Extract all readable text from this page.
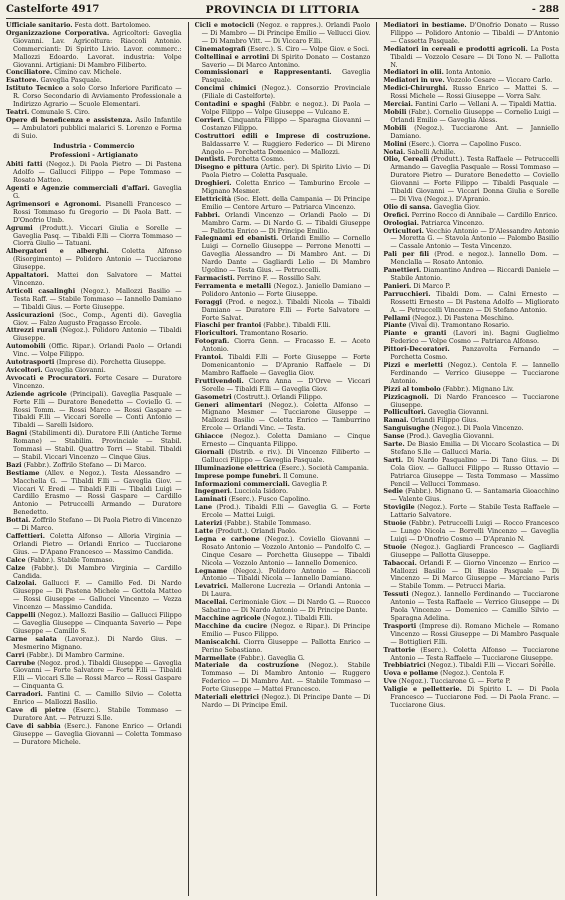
Castelforte 4917	PROVINCIA DI LITTORIA	- 288

Ufficiale sanitario. Festa dott. Bartolomeo.

Organizzazione Corporativa. Agricoltori: Gaveglia Giovanni. Lav. Agricoltura: Riaccoli Antonio. Commercianti: Di Spirito Livio. Lavor. commerc.: Mallozzi Edoardo. Lavorat. industria: Volpe Giovanni. Artigiani: Di Mambro Filiberto.

Conciliatore. Cimino cav. Michele.

Esattore. Gaveglia Pasquale.

Istituto Tecnico a solo Corso Inferiore Parificato — R. Corso Secondario di Avviamento Professionale a Indirizzo Agrario — Scuole Elementari.

Teatri. Comunale S. Ciro.

Opere di beneficenza e assistenza. Asilo Infantile — Ambulatori pubblici malarici S. Lorenzo e Forma di Suio.

Industria - Commercio

Professioni - Artigianato

Abiti fatti (Negoz.). Di Paola Pietro — Di Pastena Adolfo — Gallucci Filippo — Pepe Tommaso — Rosato Matteo.

Agenti e Agenzie commerciali d'affari. Gaveglia G.

Agrimensori e Agronomi. Pisanelli Francesco — Rossi Tommaso fu Gregorio — Di Paola Batt. — D'Onofrio Umb.

Agrumi (Produtt.). Viccari Giulia e Sorelle — Gaveglia Pasq. — Tibaldi F.lli — Ciorra Tommaso — Ciorra Giulio — Tatuani.

Albergatori e alberghi. Coletta Alfonso (Risorgimento) — Polidoro Antonio — Tucciarone Giuseppe.

Appaltatori. Mattei don Salvatore — Mattei Vincenzo.

Articoli casalinghi (Negoz.). Mallozzi Basilio — Testa Raff. — Stabile Tommaso — Iannello Damiano — Tibaldi Gius. — Forte Giuseppe.

Assicurazioni (Soc., Comp., Agenti di). Gaveglia Giov. — Falzo Augusto Fragasso Ercole.

Attrezzi rurali (Negoz.). Polidoro Antonio — Tibaldi Giuseppe.

Automobili (Offic. Ripar.). Orlandi Paolo — Orlandi Vinc. — Volpe Filippo.

Autotrasporti (Imprese di). Porchetta Giuseppe.

Avicoltori. Gaveglia Giovanni.

Avvocati e Procuratori. Forte Cesare — Duratore Vincenzo.

Aziende agricole (Principali). Gaveglia Pasquale — Forte F.lli — Duratore Benedetto — Coviello G. — Rossi Tomm. — Rossi Marco — Rossi Gaspare — Tibaldi F.lli — Viccari Sorelle — Conti Antonio — Tibaldi — Sarelli Isidoro.

Bagni (Stabilimenti di). Duratore F.lli (Antiche Terme Romane) — Stabilim. Provinciale — Stabil. Tommasi — Stabil. Quattro Torri — Stabil. Tibaldi — Stabil. Viccari Vincenzo — Cinque Gius.

Bazi (Fabbr.). Zoffrilo Stefano — Di Marco.

Bestiame (Allev. e Negoz.). Testa Alessandro — Macchella G. — Tibaldi F.lli — Gaveglia Giov. — Viccari V. Eredi — Tibaldi F.lli — Tibaldi Luigi — Cardillo Erasmo — Rossi Gaspare — Cardillo Antonio — Petruccelli Armando — Duratore Benedetto.

Bottai. Zoffrilo Stefano — Di Paola Pietro di Vincenzo — Di Marco.

Caffettieri. Coletta Alfonso — Alloria Virginia — Orlandi Pietro — Orlandi Enrico — Tucciarone Gius. — D'Apano Francesco — Massimo Candida.

Calce (Fabbr.). Stabile Tommaso.

Calze (Fabbr.). Di Mambro Virginia — Cardillo Candida.

Calzolai. Gallucci F. — Camillo Fed. Di Nardo Giuseppe — Di Pastena Michele — Gottola Matteo — Rossi Giuseppe — Gallucci Vincenzo — Vezza Vincenzo — Massimo Candida.

Cappelli (Negoz.). Mallozzi Basilio — Gallucci Filippo — Gaveglia Giuseppe — Cinquanta Saverio — Pepe Giuseppe — Camillo S.

Carne salata (Lavoraz.). Di Nardo Gius. — Mesmerino Mignano.

Carri (Fabbr.). Di Mambro Carmine.

Carrube (Negoz. prod.). Tibaldi Giuseppe — Gaveglia Giovanni — Forte Salvatore — Forte F.lli — Tibaldi F.lli — Viccari S.lle — Rossi Marco — Rossi Gaspare — Cinquanta G.

Carradori. Fantini C. — Camillo Silvio — Coletta Enrico — Mallozzi Basilio.

Cave di pietre (Eserc.). Stabile Tommaso — Duratore Ant. — Petruzzi S.lle.

Cave di sabbia (Eserc.). Fanone Enrico — Orlandi Giuseppe — Gaveglia Giovanni — Coletta Tommaso — Duratore Michele.

Cicli e motocicli (Negoz. e rappres.). Orlandi Paolo — Di Mambro — Di Principe Emilio — Vellucci Giov. — Di Mambro Vitt. — Di Viccaro F.lli.

Cinematografi (Eserc.). S. Ciro — Volpe Giov. e Soci.

Coltellinai e arrotini Di Spirito Donato — Costanzo Saverio — Di Marco Antonino.

Commissionari e Rappresentanti. Gaveglia Pasquale.

Concimi chimici (Negoz.). Consorzio Provinciale (Filiale di Castelforte).

Contadini e spaghi (Fabbr. e negoz.). Di Paola — Volpe Filippo — Volpe Giuseppe — Vulcano E.

Corrieri. Cinquanta Filippo — Sparagna Giovanni — Costanzo Filippo.

Costruttori edili e Imprese di costruzione. Baldassarre V. — Ruggiero Federico — Di Mireno Angelo — Porchetta Domenico — Mallozzi.

Dentisti. Porchetta Cosmo.

Disegno e pittura (Artic. per). Di Spirito Livio — Di Paola Pietro — Coletta Pasquale.

Droghieri. Coletta Enrico — Tamburino Ercole — Mignano Mesmer.

Elettricità (Soc. Elett. della Campania — Di Principe Emilio — Centore Arturo — Patriarca Vincenzo.

Fabbri. Orlandi Vincenzo — Orlandi Paolo — Di Mambro Carm. — Di Nardo G. — Tibaldi Giuseppe — Pallotta Enrico — Di Principe Emilio.

Falegnami ed ebanisti. Orlandi Emilio — Cornello Luigi — Cornello Giuseppe — Perrone Menotti — Gaveglia Alessandro — Di Mambro Ant. — Di Nardo Dante — Gagliardi Lelio — Di Mambro Ugolino — Testa Gius. — Petruccelli.

Farmacisti. Perrino F. — Rossillo Salv.

Ferramenta e metalli (Negoz.). Janiello Damiano — Polidoro Antonio — Forte Giuseppe.

Foraggi (Prod. e negoz.). Tibaldi Nicola — Tibaldi Damiano — Duratore F.lli — Forte Salvatore — Forte Salvat.

Fiaschi per frantoi (Fabbr.). Tibaldi F.lli.

Floricultori. Tramontano Rosario.

Fotografi. Ciorra Genn. — Fracasso E. — Aceto Antonio.

Frantoi. Tibaldi F.lli — Forte Giuseppe — Forte Domenicantonio — D'Apranio Raffaele — Di Mambro Raffaele — Gaveglia Giov.

Fruttivendoli. Ciorra Anna — D'Orve — Viccari Sorelle — Tibaldi F.lli — Gaveglia Giov.

Gasometri (Costrutt.). Orlandi Filippo.

Generi alimentari (Negoz.). Coletta Alfonso — Mignano Mesmer — Tucciarone Giuseppe — Mallozzi Basilio — Coletta Enrico — Tamburrino Ercole — Orlandi Vinc. — Testa.

Ghiacce (Negoz.). Coletta Damiano — Cinque Ernesto — Cinquanta Filippo.

Giornali (Distrib. e riv.). Di Vincenzo Filiberto — Gallucci Filippo — Gaveglia Pasquale.

Illuminazione elettrica (Eserc.). Società Campania.

Imprese pompe funebri. Il Comune.

Informazioni commerciali. Gaveglia P.

Ingegneri. Lucciola Isidoro.

Laminati (Eserc.). Fusco Capolino.

Lane (Prod.). Tibaldi F.lli — Gaveglia G. — Forte Ercole — Mattei Luigi.

Laterizi (Fabbr.). Stabile Tommaso.

Latte (Produtt.). Orlandi Paolo.

Legna e carbone (Negoz.). Coviello Giovanni — Rosato Antonio — Vozzolo Antonio — Pandolfo C. — Cinque Cesare — Porchetta Giuseppe — Tibaldi Nicola — Vozzolo Antonio — Iannello Domenico.

Legname (Negoz.). Polidoro Antonio — Riaccoli Antonio — Tibaldi Nicola — Iannello Damiano.

Levatrici. Mallerone Lucrezia — Orlandi Antonia — Di Laura.

Macellai. Cerimoniale Giov. — Di Nardo G. — Ruocco Sabatino — Di Nardo Antonio — Di Principe Dante.

Macchine agricole (Negoz.). Tibaldi F.lli.

Macchine da cucire (Negoz. e Ripar.). Di Principe Emilio — Fusco Filippo.

Maniscalchi. Ciorra Giuseppe — Pallotta Enrico — Perino Sebastiano.

Marmellate (Fabbr.). Gaveglia G.

Materiale da costruzione (Negoz.). Stabile Tommaso — Di Mambro Antonio — Ruggero Federico — Di Mambro Ant. — Stabile Tommaso — Forte Giuseppe — Mattei Francesco.

Materiali elettrici (Negoz.). Di Principe Dante — Di Nardo — Di Principe Emil.

Mediatori in bestiame. D'Onofrio Donato — Russo Filippo — Polidoro Antonio — Tibaldi — D'Antonio — Cassetta Pasquale.

Mediatori in cereali e prodotti agricoli. La Posta Tibaldi — Vozzolo Cesare — Di Tono N. — Pallotta N.

Mediatori in olii. Ionta Antonio.

Mediatori in uve. Vozzolo Cesare — Viccaro Carlo.

Medici-Chirurghi. Russo Enrico — Mattei S. — Rossi Michele — Rossi Giuseppe — Vorra Salv.

Merciai. Fantini Carlo — Vellani A. — Tipaldi Mattia.

Mobili (Fabr.). Cornelio Giuseppe — Cornelio Luigi — Orlandi Emilio — Gaveglia Aless.

Mobili (Negoz.). Tucciarone Ant. — Janniello Damiano.

Molini (Eserc.). Ciorra — Capolino Fusco.

Notai. Sabelli Achille.

Olio, Cereali (Produtt.). Testa Raffaele — Petruccelli Armando — Gaveglia Pasquale — Rossi Tommaso — Duratore Pietro — Duratore Benedetto — Coviello Giovanni — Forte Filippo — Tibaldi Pasquale — Tibaldi Giovanni — Viccari Donna Giulia e Sorelle — Di Viva (Negoz.). D'Apranio.

Olio di sansa. Gaveglia Giov.

Orefici. Perrino Rocco di Annibale — Cardillo Enrico.

Orologiai. Patriarca Vincenzo.

Orticultori. Vecchio Antonio — D'Alessandro Antonio — Moretta G. — Stavola Antonio — Palombo Basilio — Cassale Antonio — Testa Vincenzo.

Pali per fili (Prod. e negoz.). Iannello Dom. — Menclalla — Rosato Antonio.

Panettieri. Diamantino Andrea — Riccardi Daniele — Stabile Antonio.

Panieri. Di Marco P.

Parrucchieri. Tibaldi Dom. — Calni Ernesto — Rossetti Ernesto — Di Pastena Adolfo — Migliorato A. — Petruccelli Vincenzo — Di Stefano Antonio.

Pellami (Negoz.). Di Pastena Meschino.

Piante (Vivai di). Tramontano Rosario.

Piante e granti (Lavori in). Bagni Guglielmo Federico — Volpe Cosmo — Patriarca Alfonso.

Pittori-Decoratori. Panzavolta Fernando — Porchetta Cosmo.

Pizzi e merletti (Negoz.). Centola F. — Iannello Ferdinando — Verrico Giuseppe — Tucciarone Antonio.

Pizzi al tombolo (Fabbr.). Mignano Liv.

Pizzicagnoli. Di Nardo Francesco — Tucciarone Giuseppe.

Pollicultori. Gaveglia Giovanni.

Ramai. Orlandi Filippo Gius.

Sanguisughe (Negoz.). Di Paola Vincenzo.

Sanse (Prod.). Gaveglia Giovanni.

Sarte. De Biasio Emilia — Di Viccaro Scolastica — Di Stefano S.lle — Gallucci Maria.

Sarti. Di Nardo Pasqualino — Di Tano Gius. — Di Cola Giov. — Gallucci Filippo — Russo Ottavio — Patriarca Giuseppe — Testa Tommaso — Massimo Pencil — Vellucci Tommaso.

Sedie (Fabbr.). Mignano G. — Santamaria Gioacchino — Valente Gius.

Stovigile (Negoz.). Forte — Stabile Testa Raffaele — Lattario Salvatore.

Stuoie (Fabbr.). Petruccelli Luigi — Rocco Francesco — Lungo Nicola — Borrelli Vincenzo — Gaveglia Luigi — D'Onofrio Cosmo — D'Apranio N.

Stuoie (Negoz.). Gagliardi Francesco — Gagliardi Giuseppe — Pallotta Giuseppe.

Tabaccai. Orlandi F. — Giorno Vincenzo — Enrico — Mallozzi Basilio — Di Biasio Pasquale — Di Vincenzo — Di Marco Giuseppe — Marciano Paris — Stabile Tomm. — Petrucci Maria.

Tessuti (Negoz.). Iannello Ferdinando — Tucciarone Antonio — Testa Raffaele — Verrico Giuseppe — Di Paola Vincenzo — Domenico — Camillo Silvio — Sparagna Adelina.

Trasporti (Imprese di). Romano Michele — Romano Vincenzo — Rossi Giuseppe — Di Mambro Pasquale — Bottiglieri F.lli.

Trattorie (Eserc.). Coletta Alfonso — Tucciarone Antonio — Testa Raffaele — Tucciarone Giuseppe.

Trebbiatrici (Negoz.). Tibaldi F.lli — Viccari Sorelle.

Uova e pollame (Negoz.). Centola F.

Uve (Negoz.). Tucciarone G. — Forte P.

Valigie e pelletterie. Di Spirito L. — Di Paola Francesco — Tucciarone Fed. — Di Paola Franc. — Tucciarone Gius.
